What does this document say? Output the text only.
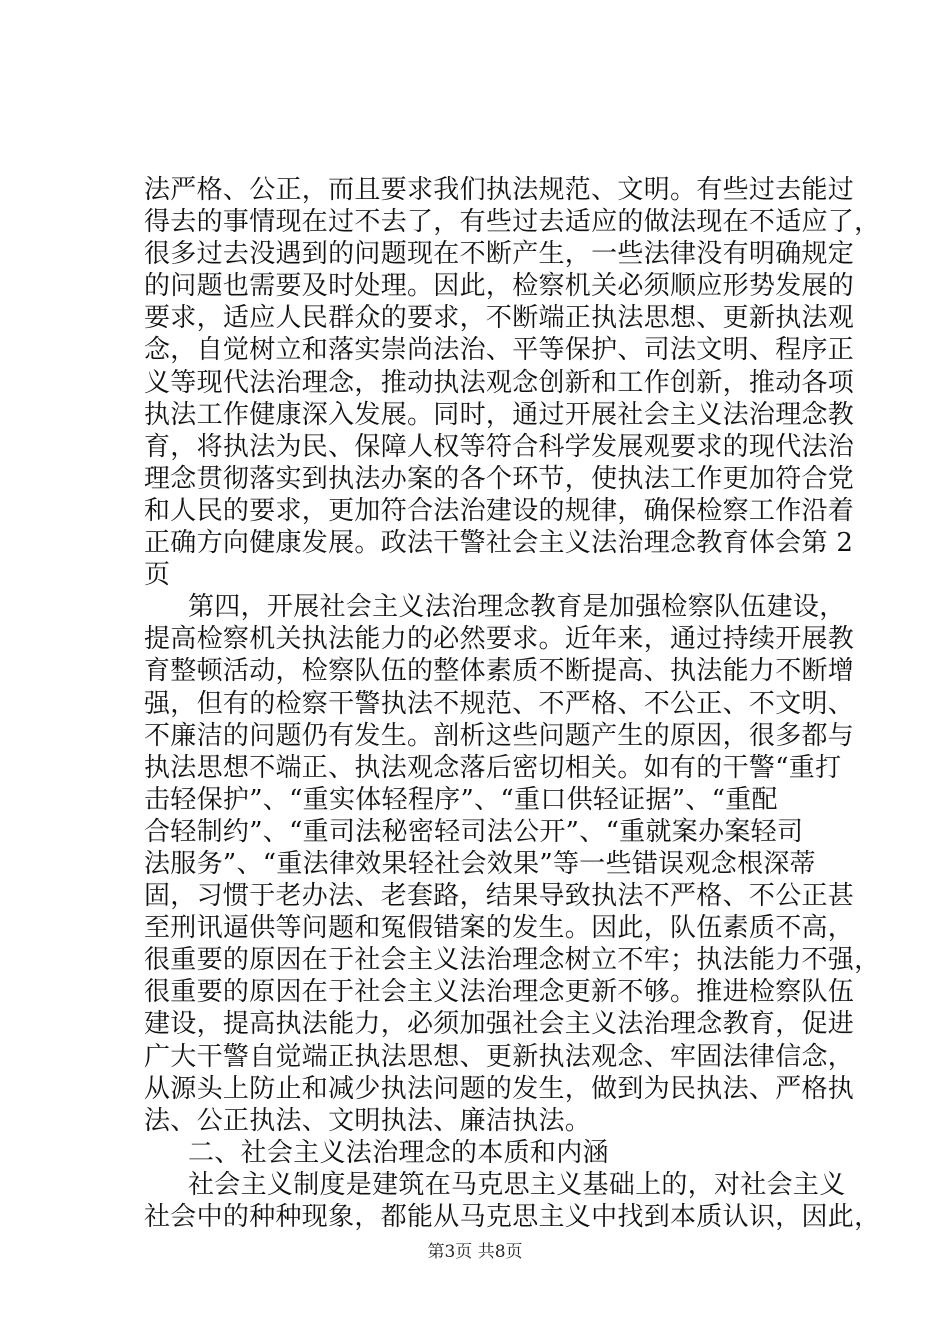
法严格、公正，而且要求我们执法规范、文明。有些过去能过
得去的事情现在过不去了，有些过去适应的做法现在不适应了，
很多过去没遇到的问题现在不断产生，一些法律没有明确规定
的问题也需要及时处理。因此，检察机关必须顺应形势发展的
要求，适应人民群众的要求，不断端正执法思想、更新执法观
念，自觉树立和落实崇尚法治、平等保护、司法文明、程序正
义等现代法治理念，推动执法观念创新和工作创新，推动各项
执法工作健康深入发展。同时，通过开展社会主义法治理念教
育，将执法为民、保障人权等符合科学发展观要求的现代法治
理念贯彻落实到执法办案的各个环节，使执法工作更加符合党
和人民的要求，更加符合法治建设的规律，确保检察工作沿着
正确方向健康发展。政法干警社会主义法治理念教育体会第 2
页
第四，开展社会主义法治理念教育是加强检察队伍建设，
提高检察机关执法能力的必然要求。近年来，通过持续开展教
育整顿活动，检察队伍的整体素质不断提高、执法能力不断增
强，但有的检察干警执法不规范、不严格、不公正、不文明、
不廉洁的问题仍有发生。剖析这些问题产生的原因，很多都与
执法思想不端正、执法观念落后密切相关。如有的干警“重打
击轻保护”、“重实体轻程序”、“重口供轻证据”、“重配
合轻制约”、“重司法秘密轻司法公开”、“重就案办案轻司
法服务”、“重法律效果轻社会效果”等一些错误观念根深蒂
固，习惯于老办法、老套路，结果导致执法不严格、不公正甚
至刑讯逼供等问题和冤假错案的发生。因此，队伍素质不高，
很重要的原因在于社会主义法治理念树立不牢；执法能力不强，
很重要的原因在于社会主义法治理念更新不够。推进检察队伍
建设，提高执法能力，必须加强社会主义法治理念教育，促进
广大干警自觉端正执法思想、更新执法观念、牢固法律信念，
从源头上防止和减少执法问题的发生，做到为民执法、严格执
法、公正执法、文明执法、廉洁执法。
二、社会主义法治理念的本质和内涵
社会主义制度是建筑在马克思主义基础上的，对社会主义
社会中的种种现象，都能从马克思主义中找到本质认识，因此，
第3页 共8页
